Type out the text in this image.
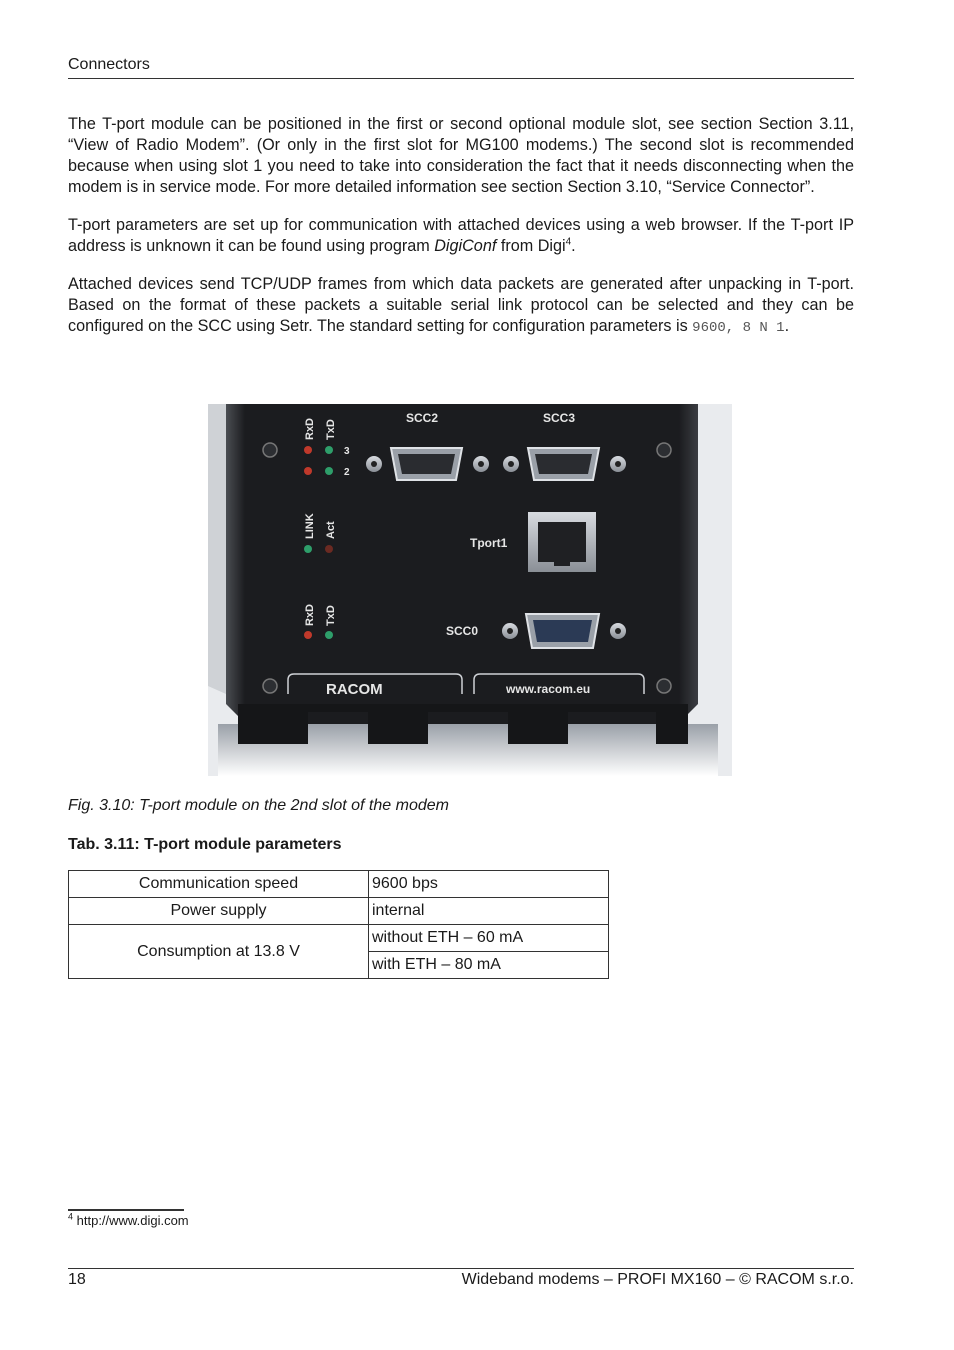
Connectors

The T-port module can be positioned in the first or second optional module slot, see section Section 3.11, “View of Radio Modem”. (Or only in the first slot for MG100 modems.) The second slot is recommended because when using slot 1 you need to take into consideration the fact that it needs disconnecting when the modem is in service mode. For more detailed information see section Section 3.10, “Service Connector”.

T-port parameters are set up for communication with attached devices using a web browser. If the T-port IP address is unknown it can be found using program DigiConf from Digi$^4$.

Attached devices send TCP/UDP frames from which data packets are generated after unpacking in T-port. Based on the format of these packets a suitable serial link protocol can be selected and they can be configured on the SCC using Setr. The standard setting for configuration parameters is 9600, 8 N 1.

RxD TxD
3
2
LINK Act
RxD TxD
SCC2	SCC3
Tport1
SCC0
RACOM	www.racom.eu
Fig. 3.10: T-port module on the 2nd slot of the modem
Tab. 3.11: T-port module parameters
Communication speed	9600 bps
Power supply	internal
Consumption at 13.8 V	without ETH – 60 mA
	with ETH – 80 mA
$^4$ http://www.digi.com
18	Wideband modems – PROFI MX160 – © RACOM s.r.o.
